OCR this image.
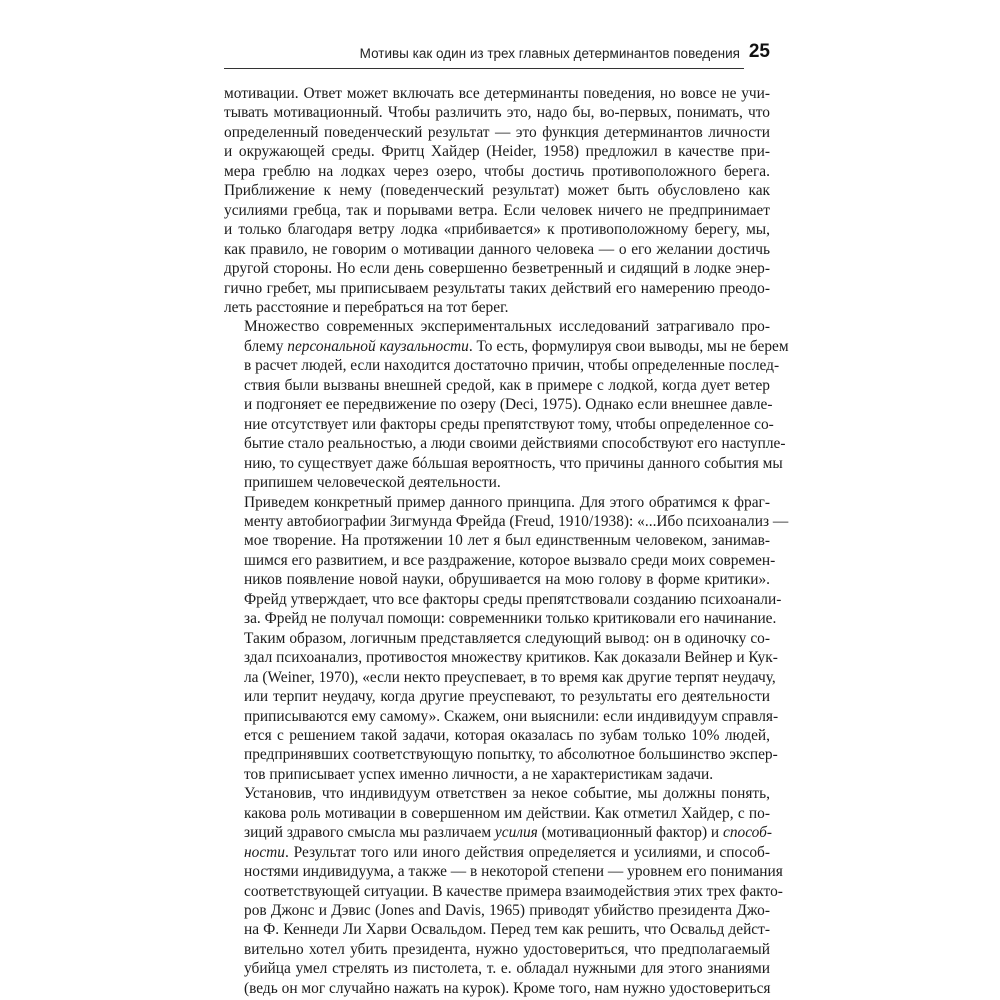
Мотивы как один из трех главных детерминантов поведения 25

мотивации. Ответ может включать все детерминанты поведения, но вовсе не учи-
тывать мотивационный. Чтобы различить это, надо бы, во-первых, понимать, что
определенный поведенческий результат — это функция детерминантов личности
и окружающей среды. Фритц Хайдер (Heider, 1958) предложил в качестве при-
мера греблю на лодках через озеро, чтобы достичь противоположного берега.
Приближение к нему (поведенческий результат) может быть обусловлено как
усилиями гребца, так и порывами ветра. Если человек ничего не предпринимает
и только благодаря ветру лодка «прибивается» к противоположному берегу, мы,
как правило, не говорим о мотивации данного человека — о его желании достичь
другой стороны. Но если день совершенно безветренный и сидящий в лодке энер-
гично гребет, мы приписываем результаты таких действий его намерению преодо-
леть расстояние и перебраться на тот берег.

Множество современных экспериментальных исследований затрагивало про-
блему персональной каузальности. То есть, формулируя свои выводы, мы не берем
в расчет людей, если находится достаточно причин, чтобы определенные послед-
ствия были вызваны внешней средой, как в примере с лодкой, когда дует ветер
и подгоняет ее передвижение по озеру (Deci, 1975). Однако если внешнее давле-
ние отсутствует или факторы среды препятствуют тому, чтобы определенное со-
бытие стало реальностью, а люди своими действиями способствуют его наступле-
нию, то существует даже бóльшая вероятность, что причины данного события мы
припишем человеческой деятельности.

Приведем конкретный пример данного принципа. Для этого обратимся к фраг-
менту автобиографии Зигмунда Фрейда (Freud, 1910/1938): «...Ибо психоанализ —
мое творение. На протяжении 10 лет я был единственным человеком, занимав-
шимся его развитием, и все раздражение, которое вызвало среди моих современ-
ников появление новой науки, обрушивается на мою голову в форме критики».
Фрейд утверждает, что все факторы среды препятствовали созданию психоанали-
за. Фрейд не получал помощи: современники только критиковали его начинание.
Таким образом, логичным представляется следующий вывод: он в одиночку со-
здал психоанализ, противостоя множеству критиков. Как доказали Вейнер и Кук-
ла (Weiner, 1970), «если некто преуспевает, в то время как другие терпят неудачу,
или терпит неудачу, когда другие преуспевают, то результаты его деятельности
приписываются ему самому». Скажем, они выяснили: если индивидуум справля-
ется с решением такой задачи, которая оказалась по зубам только 10% людей,
предпринявших соответствующую попытку, то абсолютное большинство экспер-
тов приписывает успех именно личности, а не характеристикам задачи.

Установив, что индивидуум ответствен за некое событие, мы должны понять,
какова роль мотивации в совершенном им действии. Как отметил Хайдер, с по-
зиций здравого смысла мы различаем усилия (мотивационный фактор) и способ-
ности. Результат того или иного действия определяется и усилиями, и способ-
ностями индивидуума, а также — в некоторой степени — уровнем его понимания
соответствующей ситуации. В качестве примера взаимодействия этих трех факто-
ров Джонс и Дэвис (Jones and Davis, 1965) приводят убийство президента Джо-
на Ф. Кеннеди Ли Харви Освальдом. Перед тем как решить, что Освальд дейст-
вительно хотел убить президента, нужно удостовериться, что предполагаемый
убийца умел стрелять из пистолета, т. е. обладал нужными для этого знаниями
(ведь он мог случайно нажать на курок). Кроме того, нам нужно удостовериться
